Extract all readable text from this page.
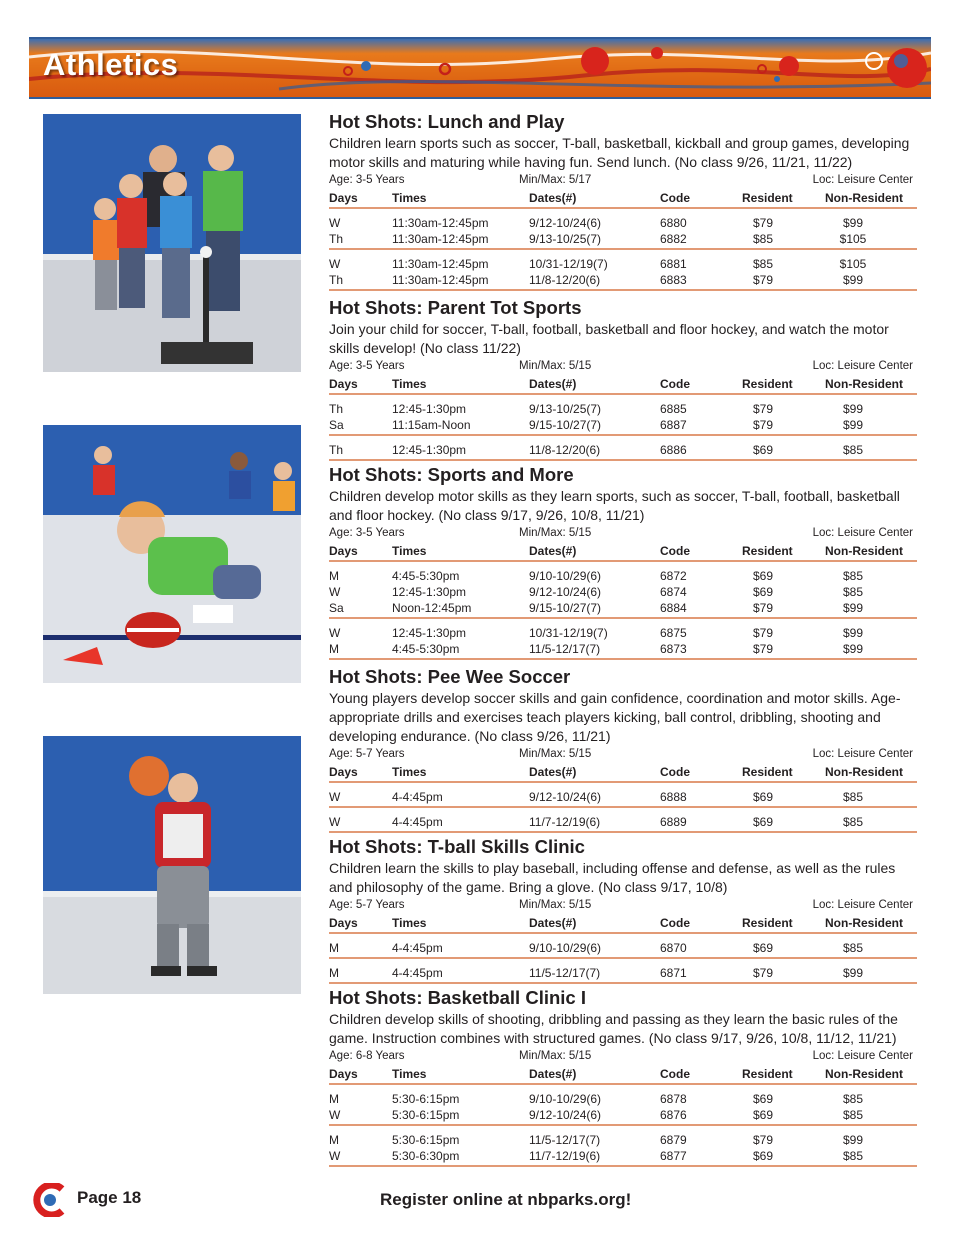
Athletics
Hot Shots: Lunch and Play

Children learn sports such as soccer, T-ball, basketball, kickball and group games, developing motor skills and maturing while having fun. Send lunch. (No class 9/26, 11/21, 11/22)

Age: 3-5 Years	Min/Max: 5/17	Loc: Leisure Center
Days	Times	Dates(#)	Code	Resident	Non-Resident
W	11:30am-12:45pm	9/12-10/24(6)	6880	$79	$99
Th	11:30am-12:45pm	9/13-10/25(7)	6882	$85	$105
W	11:30am-12:45pm	10/31-12/19(7)	6881	$85	$105
Th	11:30am-12:45pm	11/8-12/20(6)	6883	$79	$99
Hot Shots: Parent Tot Sports

Join your child for soccer, T-ball, football, basketball and floor hockey, and watch the motor skills develop! (No class 11/22)

Age: 3-5 Years	Min/Max: 5/15	Loc: Leisure Center
Days	Times	Dates(#)	Code	Resident	Non-Resident
Th	12:45-1:30pm	9/13-10/25(7)	6885	$79	$99
Sa	11:15am-Noon	9/15-10/27(7)	6887	$79	$99
Th	12:45-1:30pm	11/8-12/20(6)	6886	$69	$85
Hot Shots: Sports and More

Children develop motor skills as they learn sports, such as soccer, T-ball, football, basketball and floor hockey. (No class 9/17, 9/26, 10/8, 11/21)

Age: 3-5 Years	Min/Max: 5/15	Loc: Leisure Center
Days	Times	Dates(#)	Code	Resident	Non-Resident
M	4:45-5:30pm	9/10-10/29(6)	6872	$69	$85
W	12:45-1:30pm	9/12-10/24(6)	6874	$69	$85
Sa	Noon-12:45pm	9/15-10/27(7)	6884	$79	$99
W	12:45-1:30pm	10/31-12/19(7)	6875	$79	$99
M	4:45-5:30pm	11/5-12/17(7)	6873	$79	$99
Hot Shots: Pee Wee Soccer

Young players develop soccer skills and gain confidence, coordination and motor skills. Age-appropriate drills and exercises teach players kicking, ball control, dribbling, shooting and developing endurance. (No class 9/26, 11/21)

Age: 5-7 Years	Min/Max: 5/15	Loc: Leisure Center
Days	Times	Dates(#)	Code	Resident	Non-Resident
W	4-4:45pm	9/12-10/24(6)	6888	$69	$85
W	4-4:45pm	11/7-12/19(6)	6889	$69	$85
Hot Shots: T-ball Skills Clinic

Children learn the skills to play baseball, including offense and defense, as well as the rules and philosophy of the game. Bring a glove. (No class 9/17, 10/8)

Age: 5-7 Years	Min/Max: 5/15	Loc: Leisure Center
Days	Times	Dates(#)	Code	Resident	Non-Resident
M	4-4:45pm	9/10-10/29(6)	6870	$69	$85
M	4-4:45pm	11/5-12/17(7)	6871	$79	$99
Hot Shots: Basketball Clinic I

Children develop skills of shooting, dribbling and passing as they learn the basic rules of the game. Instruction combines with structured games. (No class 9/17, 9/26, 10/8, 11/12, 11/21)

Age: 6-8 Years	Min/Max: 5/15	Loc: Leisure Center
Days	Times	Dates(#)	Code	Resident	Non-Resident
M	5:30-6:15pm	9/10-10/29(6)	6878	$69	$85
W	5:30-6:15pm	9/12-10/24(6)	6876	$69	$85
M	5:30-6:15pm	11/5-12/17(7)	6879	$79	$99
W	5:30-6:30pm	11/7-12/19(6)	6877	$69	$85

Page 18	Register online at nbparks.org!
